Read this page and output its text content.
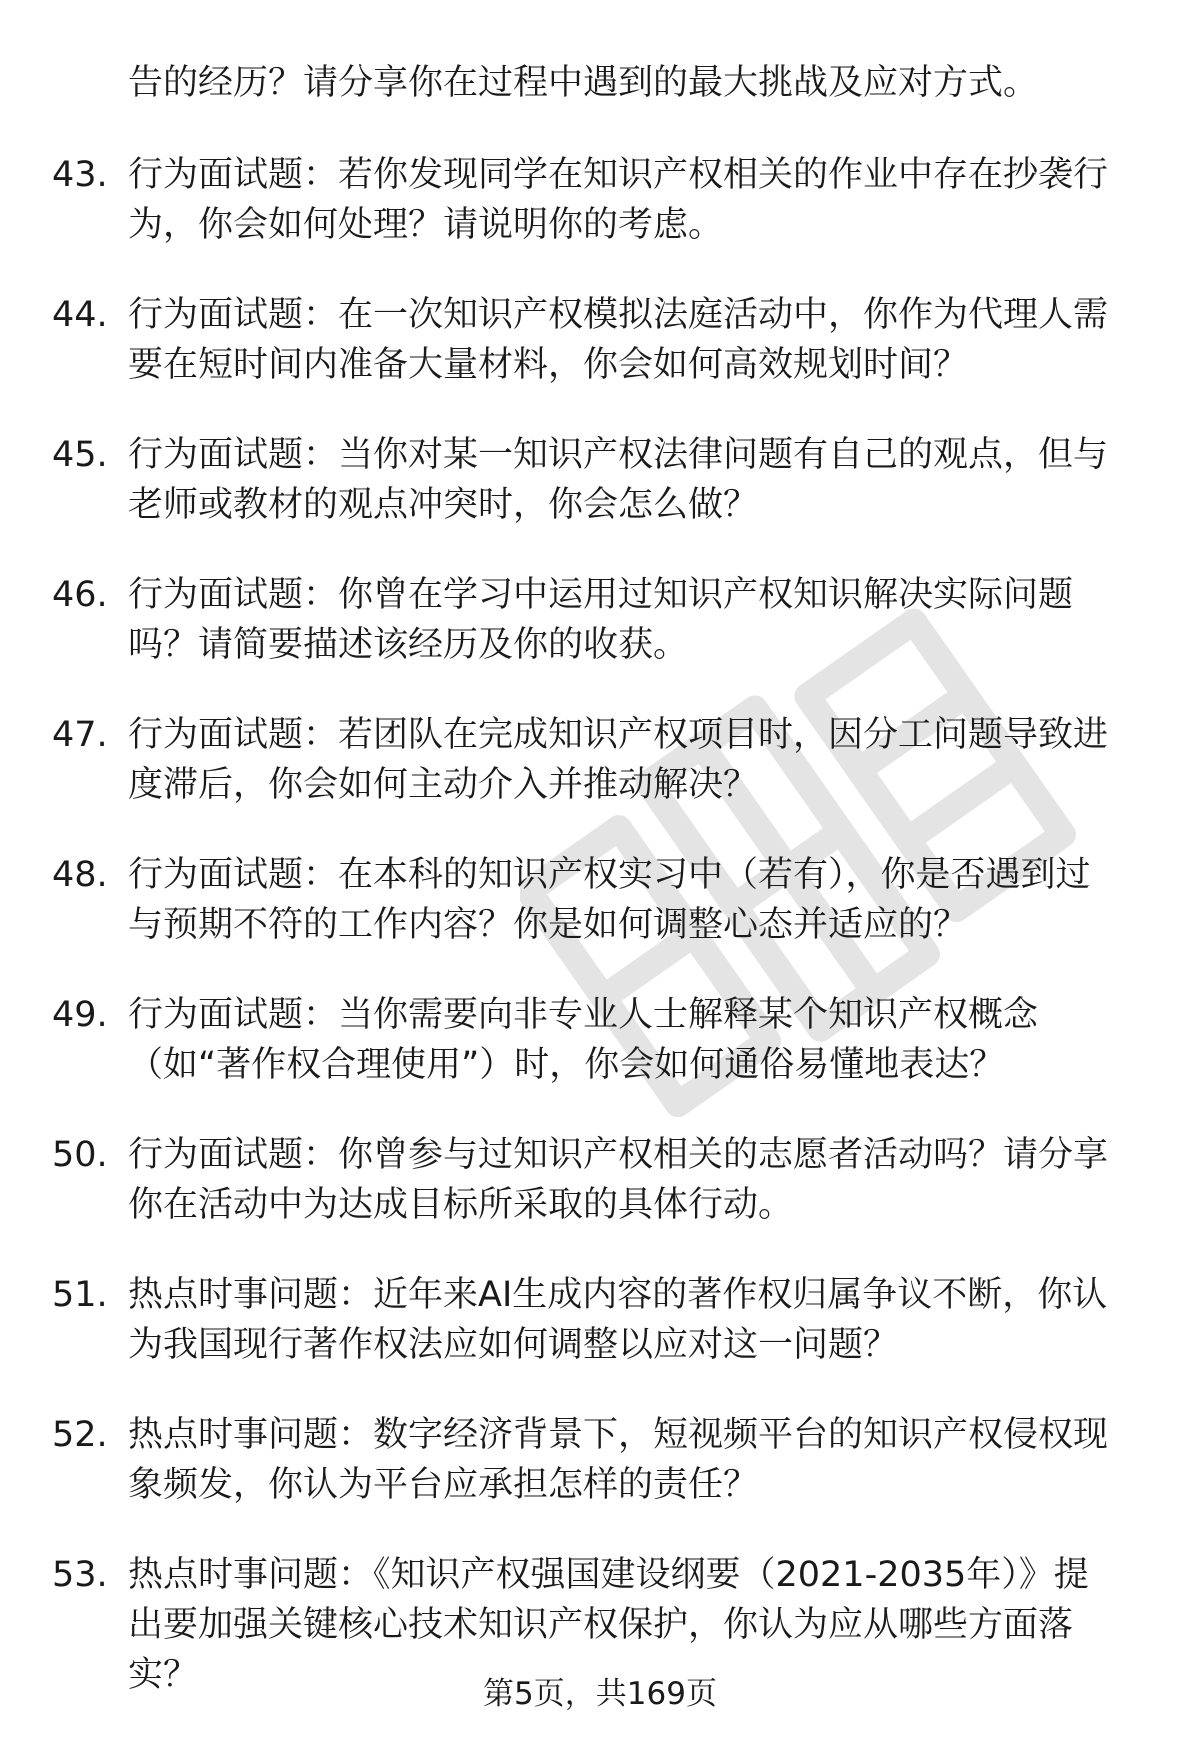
告的经历？请分享你在过程中遇到的最大挑战及应对方式。
43. 行为面试题：若你发现同学在知识产权相关的作业中存在抄袭行
为，你会如何处理？请说明你的考虑。
44. 行为面试题：在一次知识产权模拟法庭活动中，你作为代理人需
要在短时间内准备大量材料，你会如何高效规划时间？
45. 行为面试题：当你对某一知识产权法律问题有自己的观点，但与
老师或教材的观点冲突时，你会怎么做？
46. 行为面试题：你曾在学习中运用过知识产权知识解决实际问题
吗？请简要描述该经历及你的收获。
47. 行为面试题：若团队在完成知识产权项目时，因分工问题导致进
度滞后，你会如何主动介入并推动解决？
48. 行为面试题：在本科的知识产权实习中（若有），你是否遇到过
与预期不符的工作内容？你是如何调整心态并适应的？
49. 行为面试题：当你需要向非专业人士解释某个知识产权概念
（如“著作权合理使用”）时，你会如何通俗易懂地表达？
50. 行为面试题：你曾参与过知识产权相关的志愿者活动吗？请分享
你在活动中为达成目标所采取的具体行动。
51. 热点时事问题：近年来AI生成内容的著作权归属争议不断，你认
为我国现行著作权法应如何调整以应对这一问题？
52. 热点时事问题：数字经济背景下，短视频平台的知识产权侵权现
象频发，你认为平台应承担怎样的责任？
53. 热点时事问题：《知识产权强国建设纲要（2021-2035年）》提
出要加强关键核心技术知识产权保护，你认为应从哪些方面落
实？	第5页，共169页
